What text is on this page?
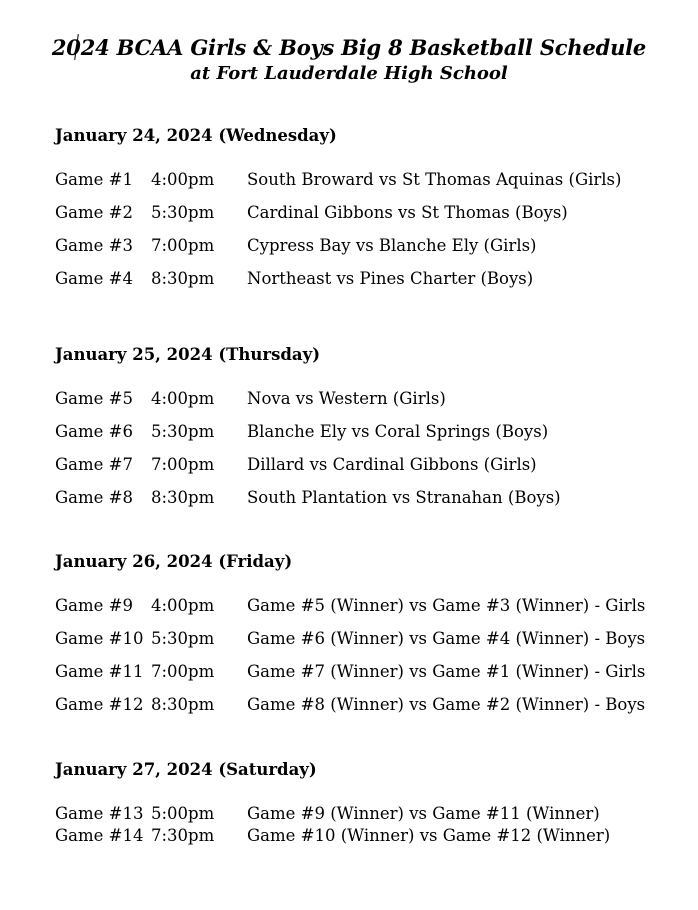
2024 BCAA Girls & Boys Big 8 Basketball Schedule
at Fort Lauderdale High School
January 24, 2024 (Wednesday)
Game #1 4:00pm South Broward vs St Thomas Aquinas (Girls)
Game #2 5:30pm Cardinal Gibbons vs St Thomas (Boys)
Game #3 7:00pm Cypress Bay vs Blanche Ely (Girls)
Game #4 8:30pm Northeast vs Pines Charter (Boys)
January 25, 2024 (Thursday)
Game #5 4:00pm Nova vs Western (Girls)
Game #6 5:30pm Blanche Ely vs Coral Springs (Boys)
Game #7 7:00pm Dillard vs Cardinal Gibbons (Girls)
Game #8 8:30pm South Plantation vs Stranahan (Boys)
January 26, 2024 (Friday)
Game #9 4:00pm Game #5 (Winner) vs Game #3 (Winner) - Girls
Game #10 5:30pm Game #6 (Winner) vs Game #4 (Winner) - Boys
Game #11 7:00pm Game #7 (Winner) vs Game #1 (Winner) - Girls
Game #12 8:30pm Game #8 (Winner) vs Game #2 (Winner) - Boys
January 27, 2024 (Saturday)
Game #13 5:00pm Game #9 (Winner) vs Game #11 (Winner)
Game #14 7:30pm Game #10 (Winner) vs Game #12 (Winner)
